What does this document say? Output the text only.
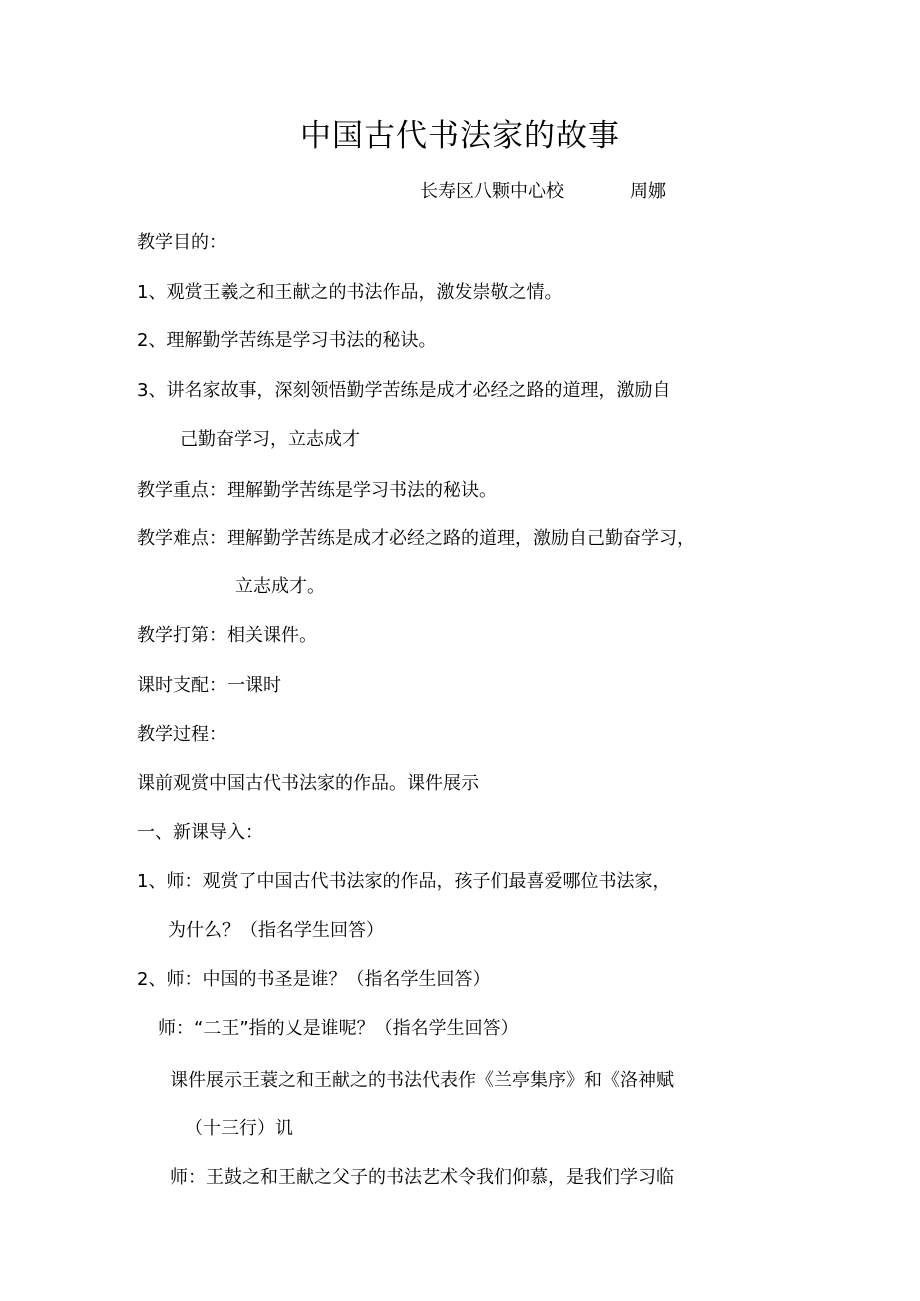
中国古代书法家的故事
长寿区八颗中心校	周娜
教学目的：
1、观赏王羲之和王献之的书法作品，激发崇敬之情。
2、理解勤学苦练是学习书法的秘诀。
3、讲名家故事，深刻领悟勤学苦练是成才必经之路的道理，激励自
己勤奋学习，立志成才
教学重点：理解勤学苦练是学习书法的秘诀。
教学难点：理解勤学苦练是成才必经之路的道理，激励自己勤奋学习，
立志成才。
教学打第：相关课件。
课时支配：一课时
教学过程：
课前观赏中国古代书法家的作品。课件展示
一、新课导入：
1、师：观赏了中国古代书法家的作品，孩子们最喜爱哪位书法家，
为什么？（指名学生回答）
2、师：中国的书圣是谁？（指名学生回答）
师：“二王”指的乂是谁呢？（指名学生回答）
课件展示王蓑之和王献之的书法代表作《兰亭集序》和《洛神赋
（十三行）讥
师：王鼓之和王献之父子的书法艺术令我们仰慕，是我们学习临
